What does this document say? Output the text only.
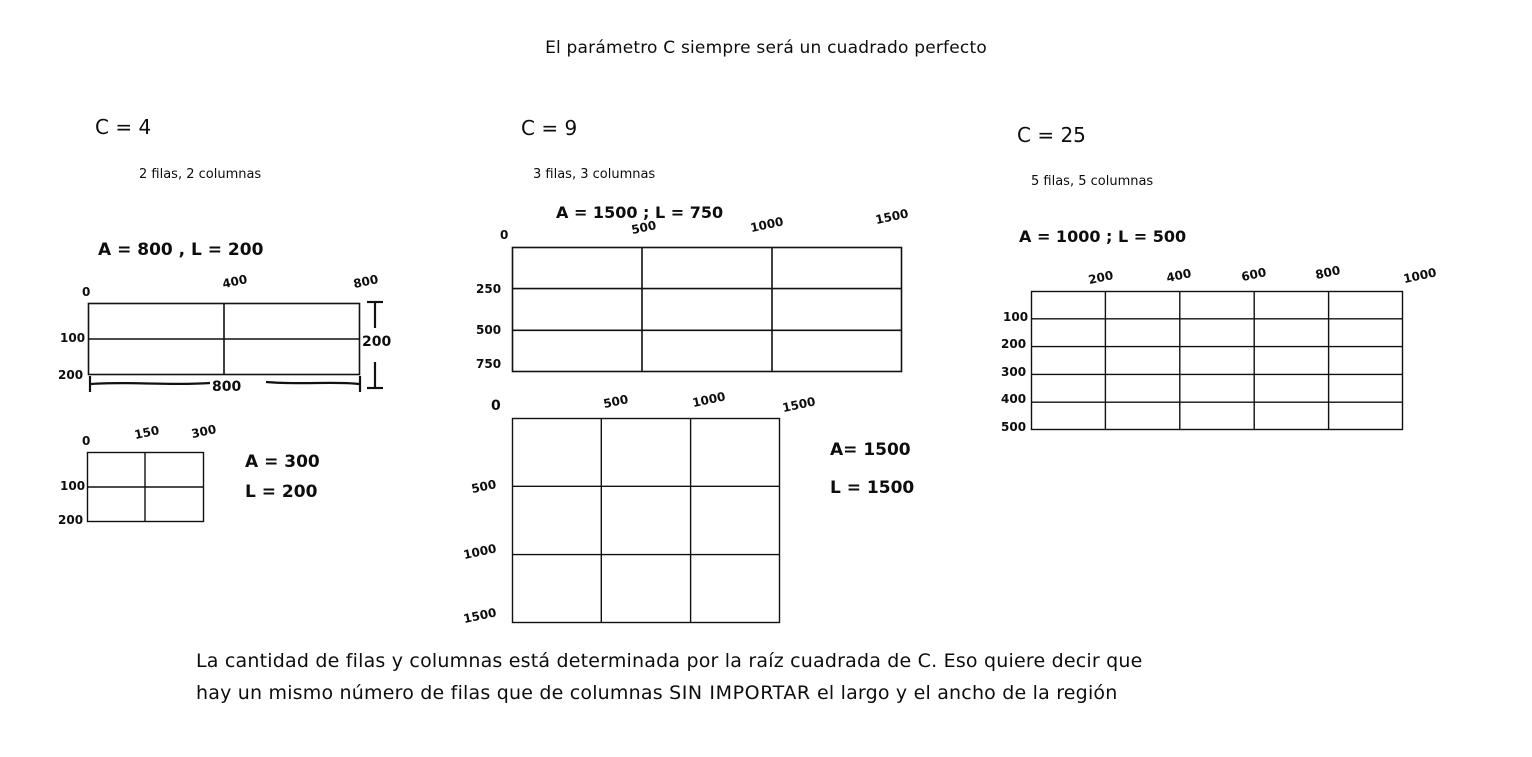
El parámetro C siempre será un cuadrado perfecto
C = 4
2 filas, 2 columnas
A = 800 , L = 200
0
400	800
100
200
800
200
0	150 300
100
200
A = 300
L = 200
C = 9
3 filas, 3 columnas
A = 1500 ; L = 750
0	500	1000	1500
250
500
750
0	500	1000	1500
500
1000
1500
A= 1500
L = 1500
C = 25
5 filas, 5 columnas
A = 1000 ; L = 500
200	400	600	800	1000
100
200
300
400
500
La cantidad de filas y columnas está determinada por la raíz cuadrada de C. Eso quiere decir que
hay un mismo número de filas que de columnas SIN IMPORTAR el largo y el ancho de la región
